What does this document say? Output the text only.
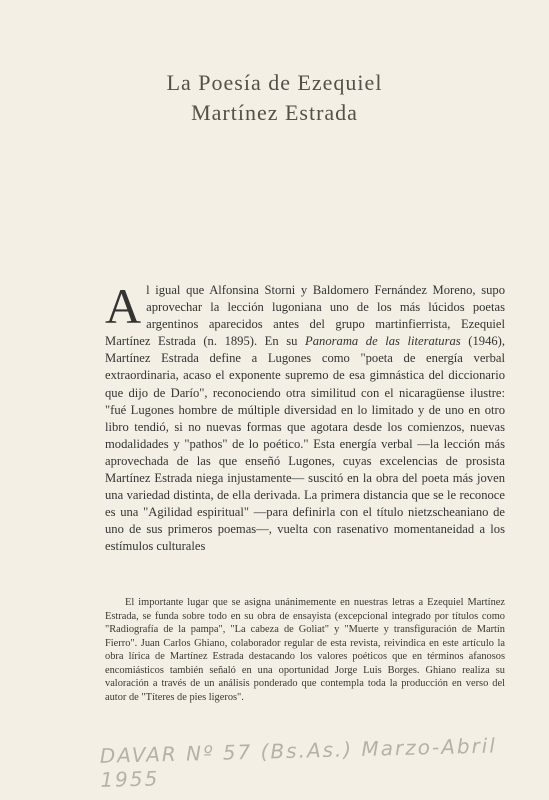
La Poesía de Ezequiel
Martínez Estrada
Al igual que Alfonsina Storni y Baldomero Fernández Moreno, supo aprovechar la lección lugoniana uno de los más lúcidos poetas argentinos aparecidos antes del grupo martinfierrista, Ezequiel Martínez Estrada (n. 1895). En su Panorama de las literaturas (1946), Martínez Estrada define a Lugones como "poeta de energía verbal extraordinaria, acaso el exponente supremo de esa gimnástica del diccionario que dijo de Darío", reconociendo otra similitud con el nicaragüense ilustre: "fué Lugones hombre de múltiple diversidad en lo limitado y de uno en otro libro tendió, si no nuevas formas que agotara desde los comienzos, nuevas modalidades y "pathos" de lo poético." Esta energía verbal —la lección más aprovechada de las que enseñó Lugones, cuyas excelencias de prosista Martínez Estrada niega injustamente— suscitó en la obra del poeta más joven una variedad distinta, de ella derivada. La primera distancia que se le reconoce es una "Agilidad espiritual" —para definirla con el título nietzscheaniano de uno de sus primeros poemas—, vuelta con rasenativo momentaneidad a los estímulos culturales
El importante lugar que se asigna unánimemente en nuestras letras a Ezequiel Martínez Estrada, se funda sobre todo en su obra de ensayista (excepcional integrado por títulos como "Radiografía de la pampa", "La cabeza de Goliat" y "Muerte y transfiguración de Martín Fierro". Juan Carlos Ghiano, colaborador regular de esta revista, reivindica en este artículo la obra lírica de Martínez Estrada destacando los valores poéticos que en términos afanosos encomiásticos también señaló en una oportunidad Jorge Luis Borges. Ghiano realiza su valoración a través de un análisis ponderado que contempla toda la producción en verso del autor de "Títeres de pies ligeros".
DAVAR Nº 57 (Bs.As.) Marzo-Abril 1955
